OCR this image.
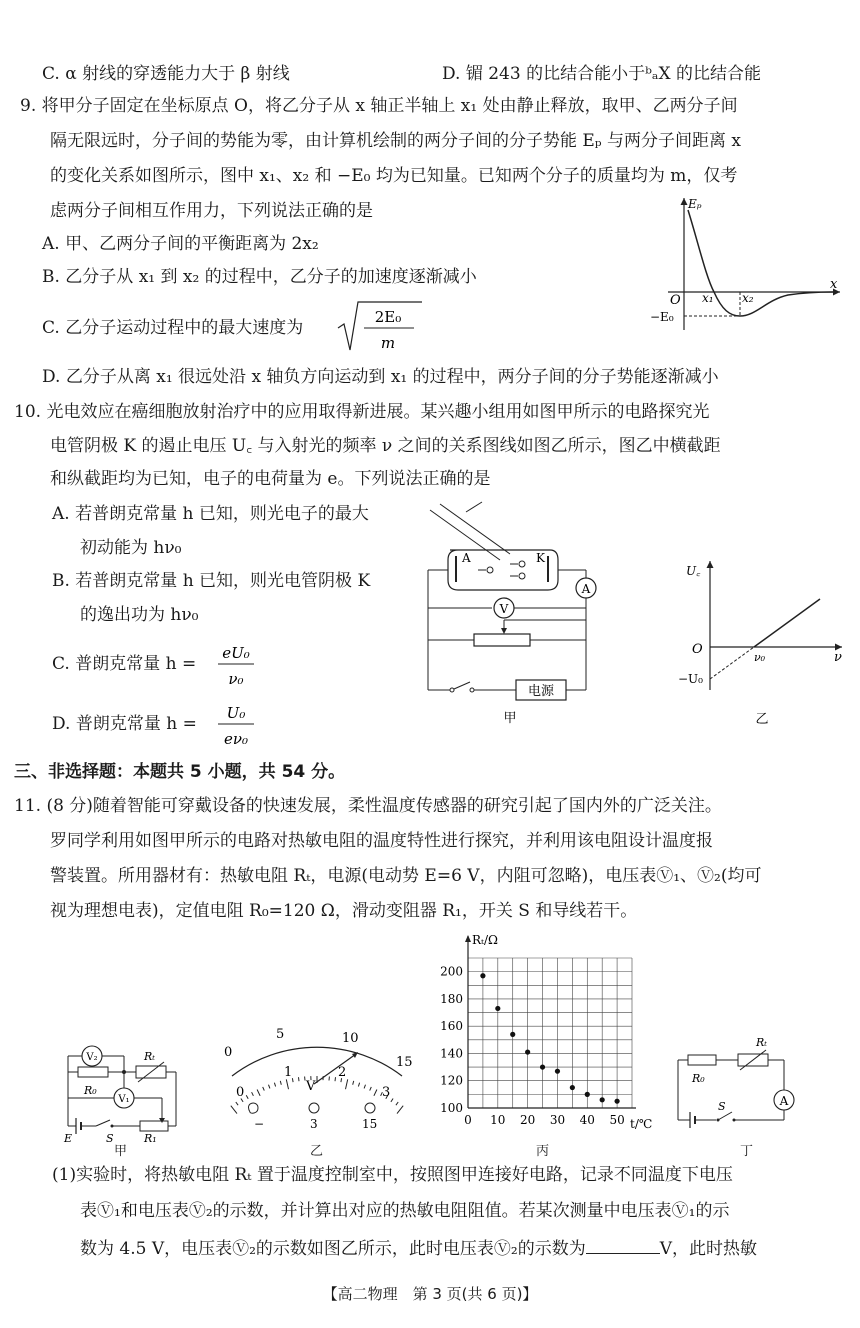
C. α 射线的穿透能力大于 β 射线	D. 镅 243 的比结合能小于ᵇₐX 的比结合能
9. 将甲分子固定在坐标原点 O，将乙分子从 x 轴正半轴上 x₁ 处由静止释放，取甲、乙两分子间
隔无限远时，分子间的势能为零，由计算机绘制的两分子间的分子势能 Eₚ 与两分子间距离 x
的变化关系如图所示，图中 x₁、x₂ 和 −E₀ 均为已知量。已知两个分子的质量均为 m，仅考
虑两分子间相互作用力，下列说法正确的是
A. 甲、乙两分子间的平衡距离为 2x₂
B. 乙分子从 x₁ 到 x₂ 的过程中，乙分子的加速度逐渐减小
C. 乙分子运动过程中的最大速度为
2E₀
m
D. 乙分子从离 x₁ 很远处沿 x 轴负方向运动到 x₁ 的过程中，两分子间的分子势能逐渐减小
Eₚ
x
O x₁ x₂
−E₀
10. 光电效应在癌细胞放射治疗中的应用取得新进展。某兴趣小组用如图甲所示的电路探究光
电管阴极 K 的遏止电压 U꜀ 与入射光的频率 ν 之间的关系图线如图乙所示，图乙中横截距
和纵截距均为已知，电子的电荷量为 e。下列说法正确的是
A. 若普朗克常量 h 已知，则光电子的最大
初动能为 hν₀
B. 若普朗克常量 h 已知，则光电管阴极 K
的逸出功为 hν₀
C. 普朗克常量 h =
eU₀
ν₀
D. 普朗克常量 h =
U₀
eν₀
A	K
A
V
电源
甲
U꜀
ν
O
ν₀
−U₀
乙
三、非选择题：本题共 5 小题，共 54 分。
11. (8 分)随着智能可穿戴设备的快速发展，柔性温度传感器的研究引起了国内外的广泛关注。
罗同学利用如图甲所示的电路对热敏电阻的温度特性进行探究，并利用该电阻设计温度报
警装置。所用器材有：热敏电阻 Rₜ，电源(电动势 E=6 V，内阻可忽略)，电压表Ⓥ₁、Ⓥ₂(均可
视为理想电表)，定值电阻 R₀=120 Ω，滑动变阻器 R₁，开关 S 和导线若干。
V₂
R₀
Rₜ
V₁
E	S	R₁
甲
0
5	10
15
0
1	2
3
V
−	3	15
乙
100
120
140
160
180
200
0 10 20 30 40 50
Rₜ/Ω
t/℃
丙
R₀
Rₜ
A
S
丁
(1)实验时，将热敏电阻 Rₜ 置于温度控制室中，按照图甲连接好电路，记录不同温度下电压
表Ⓥ₁和电压表Ⓥ₂的示数，并计算出对应的热敏电阻阻值。若某次测量中电压表Ⓥ₁的示
数为 4.5 V，电压表Ⓥ₂的示数如图乙所示，此时电压表Ⓥ₂的示数为	V，此时热敏
【高二物理　第 3 页(共 6 页)】
